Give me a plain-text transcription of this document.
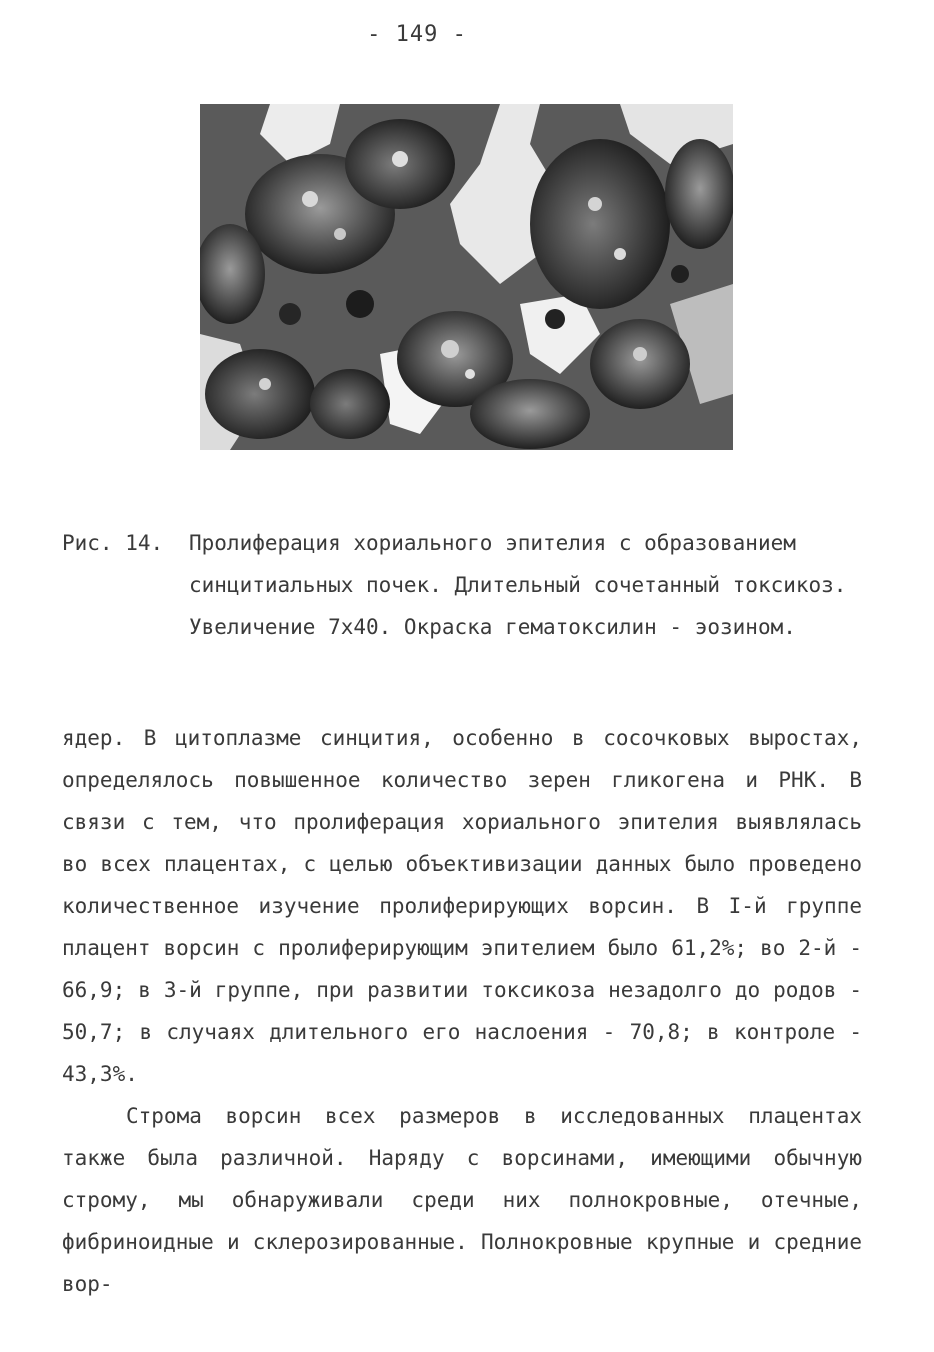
- 149 -
Рис. 14.	Пролиферация хориального эпителия с образованием синцитиальных почек. Длительный сочетанный токсикоз. Увеличение 7х40. Окраска гематоксилин - эозином.

ядер. В цитоплазме синцития, особенно в сосочковых выростах, определялось повышенное количество зерен гликогена и РНК. В связи с тем, что пролиферация хориального эпителия выявлялась во всех плацентах, с целью объективизации данных было проведено количественное изучение пролиферирующих ворсин. В I-й группе плацент ворсин с пролиферирующим эпителием было 61,2%; во 2-й - 66,9; в 3-й группе, при развитии токсикоза незадолго до родов - 50,7; в случаях длительного его наслоения - 70,8; в контроле - 43,3%.

Строма ворсин всех размеров в исследованных плацентах также была различной. Наряду с ворсинами, имеющими обычную строму, мы обнаруживали среди них полнокровные, отечные, фибриноидные и склерозированные. Полнокровные крупные и средние вор-
